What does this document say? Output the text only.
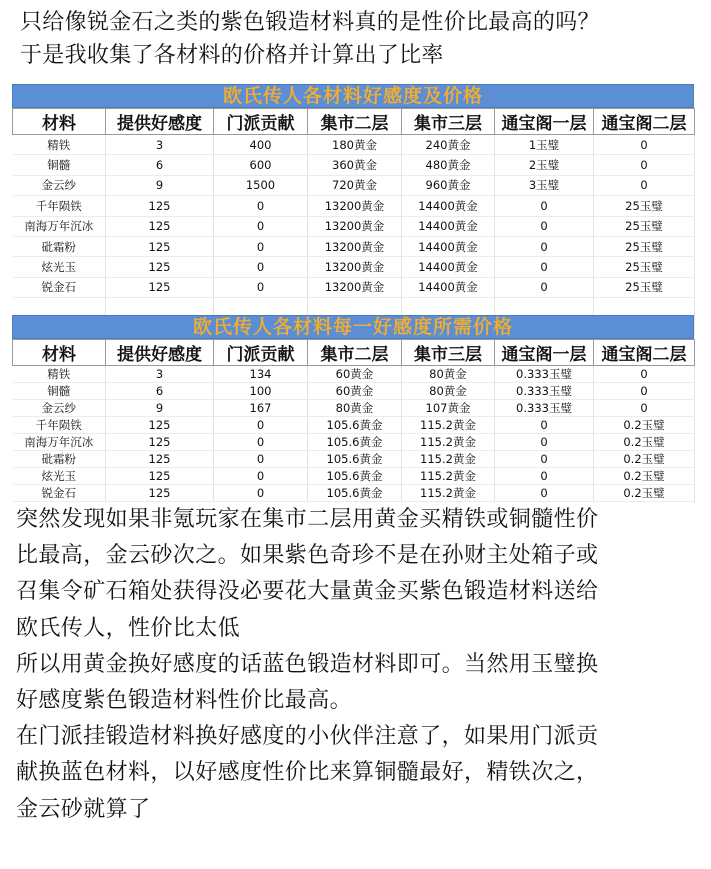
只给像锐金石之类的紫色锻造材料真的是性价比最高的吗？

于是我收集了各材料的价格并计算出了比率

欧氏传人各材料好感度及价格
材料	提供好感度	门派贡献	集市二层	集市三层	通宝阁一层	通宝阁二层
精铁	3	400	180黄金	240黄金	1玉璧	0
铜髓	6	600	360黄金	480黄金	2玉璧	0
金云纱	9	1500	720黄金	960黄金	3玉璧	0
千年陨铁	125	0	13200黄金	14400黄金	0	25玉璧
南海万年沉冰	125	0	13200黄金	14400黄金	0	25玉璧
砒霜粉	125	0	13200黄金	14400黄金	0	25玉璧
炫光玉	125	0	13200黄金	14400黄金	0	25玉璧
锐金石	125	0	13200黄金	14400黄金	0	25玉璧

欧氏传人各材料每一好感度所需价格
材料	提供好感度	门派贡献	集市二层	集市三层	通宝阁一层	通宝阁二层
精铁	3	134	60黄金	80黄金	0.333玉璧	0
铜髓	6	100	60黄金	80黄金	0.333玉璧	0
金云纱	9	167	80黄金	107黄金	0.333玉璧	0
千年陨铁	125	0	105.6黄金	115.2黄金	0	0.2玉璧
南海万年沉冰	125	0	105.6黄金	115.2黄金	0	0.2玉璧
砒霜粉	125	0	105.6黄金	115.2黄金	0	0.2玉璧
炫光玉	125	0	105.6黄金	115.2黄金	0	0.2玉璧
锐金石	125	0	105.6黄金	115.2黄金	0	0.2玉璧

突然发现如果非氪玩家在集市二层用黄金买精铁或铜髓性价

比最高，金云砂次之。如果紫色奇珍不是在孙财主处箱子或

召集令矿石箱处获得没必要花大量黄金买紫色锻造材料送给

欧氏传人，性价比太低

所以用黄金换好感度的话蓝色锻造材料即可。当然用玉璧换

好感度紫色锻造材料性价比最高。

在门派挂锻造材料换好感度的小伙伴注意了，如果用门派贡

献换蓝色材料，以好感度性价比来算铜髓最好，精铁次之，

金云砂就算了
